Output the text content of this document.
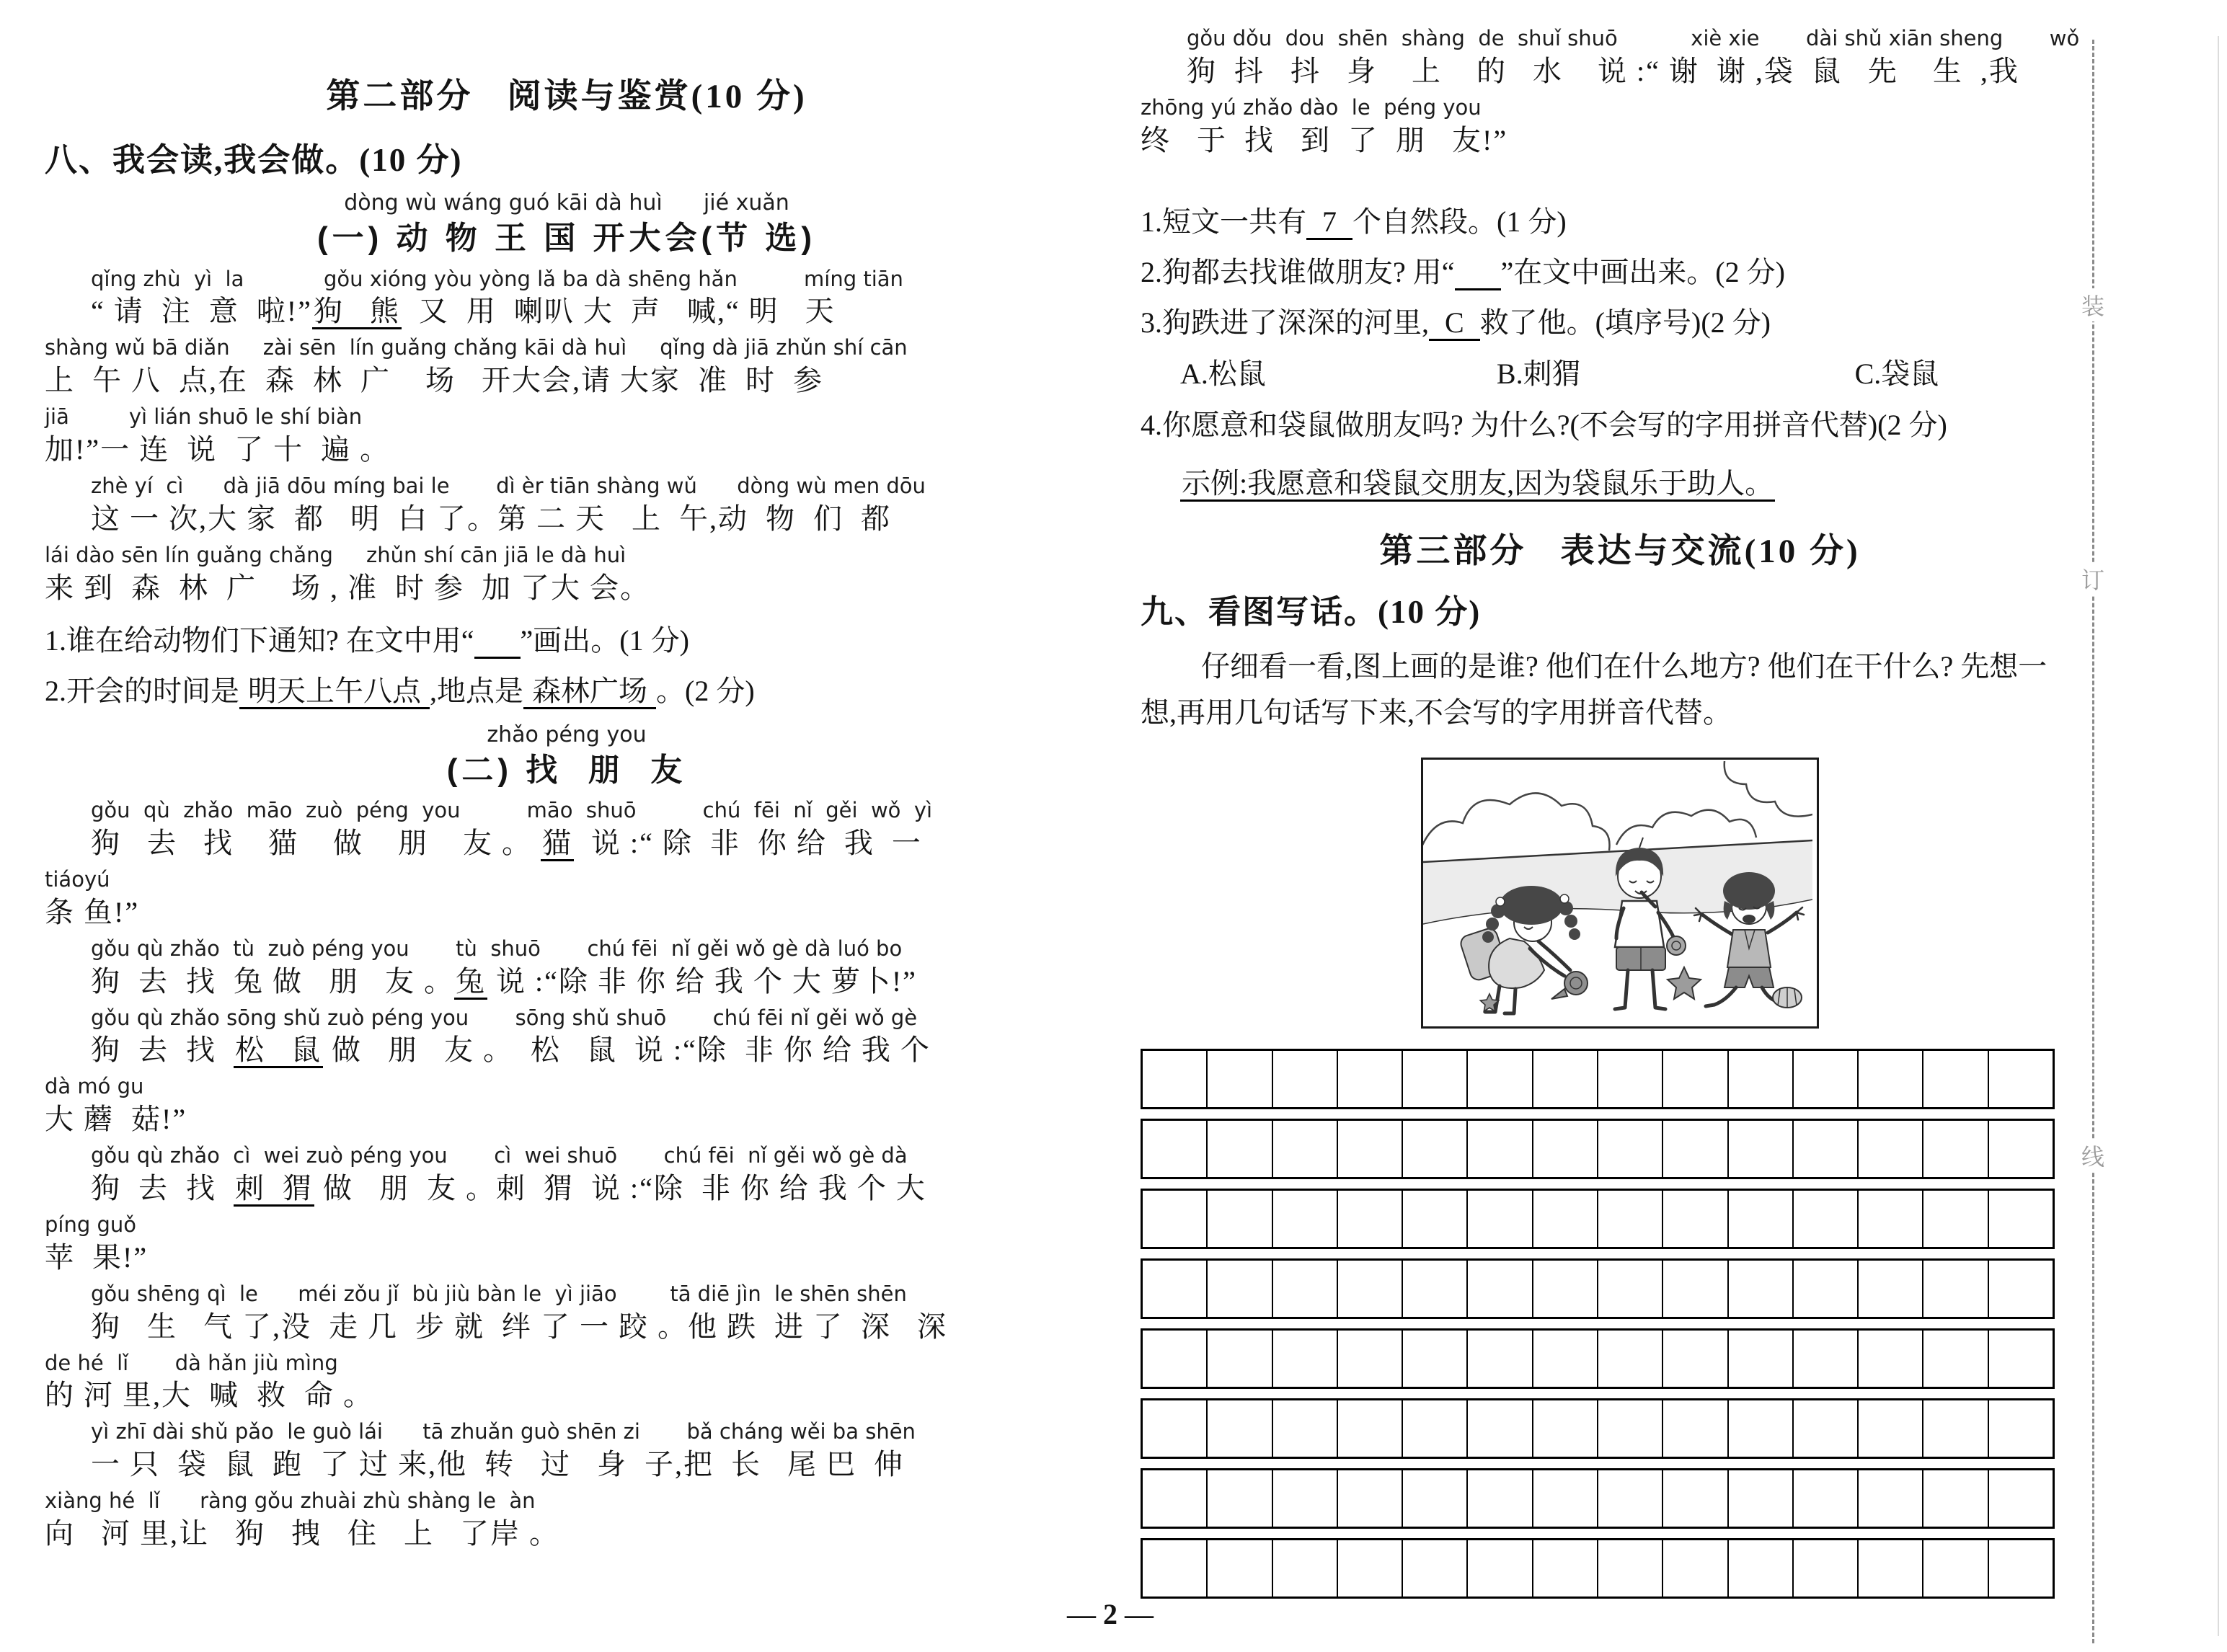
第二部分   阅读与鉴赏(10 分)
八、我会读,我会做。(10 分)
dòng wù wáng guó kāi dà huì      jié xuǎn
(一) 动 物 王 国 开大会(节 选)
qǐng zhù  yì  la            gǒu xióng yòu yòng lǎ ba dà shēng hǎn          míng tiān
“ 请  注  意  啦!”狗   熊  又  用  喇叭 大  声   喊,“ 明   天
shàng wǔ bā diǎn     zài sēn  lín guǎng chǎng kāi dà huì     qǐng dà jiā zhǔn shí cān
上  午 八  点,在  森  林  广    场   开大会,请 大家  准  时  参
jiā         yì lián shuō le shí biàn
加!”一 连  说  了 十  遍 。
zhè yí  cì      dà jiā dōu míng bai le       dì èr tiān shàng wǔ      dòng wù men dōu
这 一 次,大 家  都   明  白 了。第 二 天   上  午,动  物  们  都
lái dào sēn lín guǎng chǎng     zhǔn shí cān jiā le dà huì
来 到  森  林  广    场 , 准  时 参  加 了大 会。
1.谁在给动物们下通知? 在文中用“ ”画出。(1 分)
2.开会的时间是 明天上午八点 ,地点是 森林广场 。(2 分)
zhǎo péng you
(二) 找  朋  友
gǒu  qù  zhǎo  māo  zuò  péng  you          māo  shuō          chú  fēi  nǐ  gěi  wǒ  yì
狗   去   找    猫    做    朋    友 。 猫  说 :“ 除  非  你 给  我  一
tiáoyú
条 鱼!”
gǒu qù zhǎo  tù  zuò péng you       tù  shuō       chú fēi  nǐ gěi wǒ gè dà luó bo
狗  去  找  兔 做   朋   友 。兔 说 :“除 非 你 给 我 个 大 萝卜!”
gǒu qù zhǎo sōng shǔ zuò péng you       sōng shǔ shuō       chú fēi nǐ gěi wǒ gè
狗  去  找  松   鼠 做   朋   友 。  松   鼠  说 :“除  非 你 给 我 个
dà mó gu
大 蘑  菇!”
gǒu qù zhǎo  cì  wei zuò péng you       cì  wei shuō       chú fēi  nǐ gěi wǒ gè dà
狗  去  找  刺  猬 做   朋  友 。刺  猬  说 :“除  非 你 给 我 个 大
píng guǒ
苹  果!”
gǒu shēng qì  le      méi zǒu jǐ  bù jiù bàn le  yì jiāo        tā diē jìn  le shēn shēn
狗   生   气 了,没  走 几  步 就  绊 了 一 跤 。他 跌  进 了  深   深
de hé  lǐ       dà hǎn jiù mìng
的 河 里,大  喊  救  命 。
yì zhī dài shǔ pǎo  le guò lái      tā zhuǎn guò shēn zi       bǎ cháng wěi ba shēn
一 只  袋  鼠  跑  了 过 来,他  转   过   身  子,把  长   尾 巴  伸
xiàng hé  lǐ      ràng gǒu zhuài zhù shàng le  àn
向   河 里,让   狗   拽   住   上   了岸 。
gǒu dǒu  dou  shēn  shàng  de  shuǐ shuō           xiè xie       dài shǔ xiān sheng       wǒ
狗  抖   抖   身    上    的   水    说 :“ 谢  谢 ,袋  鼠   先    生  ,我
zhōng yú zhǎo dào  le  péng you
终   于  找   到  了  朋   友!”
1.短文一共有  7  个自然段。(1 分)
2.狗都去找谁做朋友? 用“ ”在文中画出来。(2 分)
3.狗跌进了深深的河里,  C  救了他。(填序号)(2 分)
A.松鼠	B.刺猬	C.袋鼠
4.你愿意和袋鼠做朋友吗? 为什么?(不会写的字用拼音代替)(2 分)
示例:我愿意和袋鼠交朋友,因为袋鼠乐于助人。
第三部分   表达与交流(10 分)
九、看图写话。(10 分)
仔细看一看,图上画的是谁? 他们在什么地方? 他们在干什么? 先想一
想,再用几句话写下来,不会写的字用拼音代替。
— 2 —
装
订
线
